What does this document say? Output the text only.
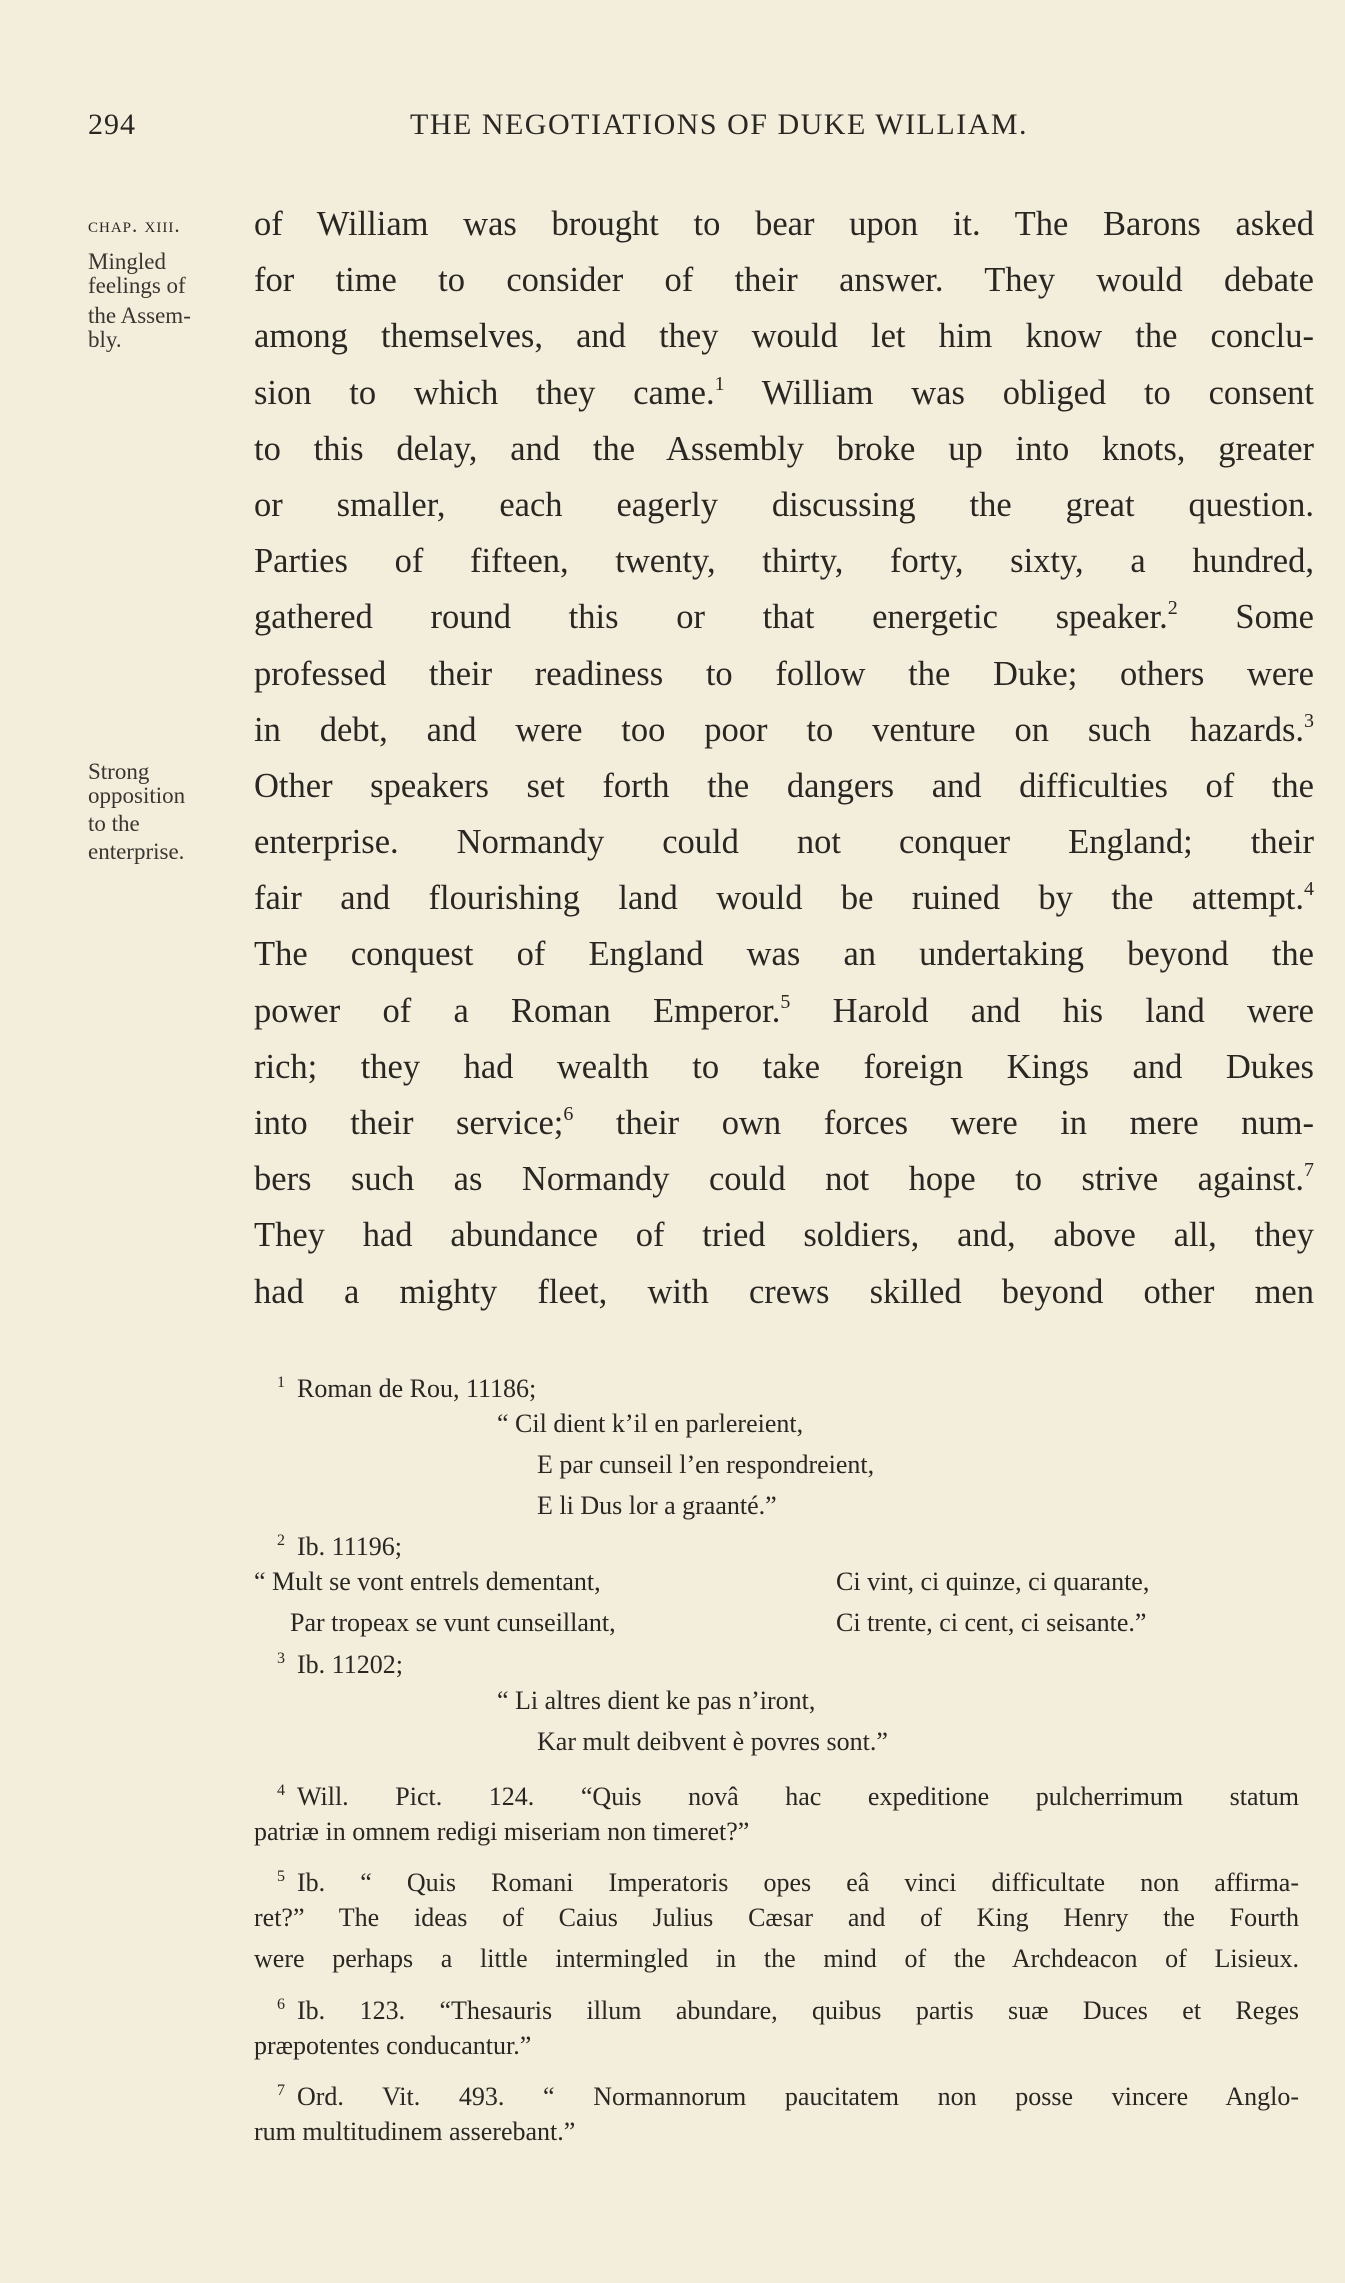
294	THE NEGOTIATIONS OF DUKE WILLIAM.
chap. xiii.
Mingled
feelings of
the Assem-
bly.
Strong
opposition
to the
enterprise.
of William was brought to bear upon it. The Barons asked
for time to consider of their answer. They would debate
among themselves, and they would let him know the conclu-
sion to which they came.$^1$ William was obliged to consent
to this delay, and the Assembly broke up into knots, greater
or smaller, each eagerly discussing the great question.
Parties of fifteen, twenty, thirty, forty, sixty, a hundred,
gathered round this or that energetic speaker.$^2$ Some
professed their readiness to follow the Duke; others were
in debt, and were too poor to venture on such hazards.$^3$
Other speakers set forth the dangers and difficulties of the
enterprise. Normandy could not conquer England; their
fair and flourishing land would be ruined by the attempt.$^4$
The conquest of England was an undertaking beyond the
power of a Roman Emperor.$^5$ Harold and his land were
rich; they had wealth to take foreign Kings and Dukes
into their service;$^6$ their own forces were in mere num-
bers such as Normandy could not hope to strive against.$^7$
They had abundance of tried soldiers, and, above all, they
had a mighty fleet, with crews skilled beyond other men
$^1$ Roman de Rou, 11186;
“ Cil dient k’il en parlereient,
E par cunseil l’en respondreient,
E li Dus lor a graanté.”
$^2$ Ib. 11196;
“ Mult se vont entrels dementant,
Par tropeax se vunt cunseillant,
Ci vint, ci quinze, ci quarante,
Ci trente, ci cent, ci seisante.”
$^3$ Ib. 11202;
“ Li altres dient ke pas n’iront,
Kar mult deibvent è povres sont.”
$^4$ Will. Pict. 124. “Quis novâ hac expeditione pulcherrimum statum
patriæ in omnem redigi miseriam non timeret?”
$^5$ Ib. “ Quis Romani Imperatoris opes eâ vinci difficultate non affirma-
ret?” The ideas of Caius Julius Cæsar and of King Henry the Fourth
were perhaps a little intermingled in the mind of the Archdeacon of Lisieux.
$^6$ Ib. 123. “Thesauris illum abundare, quibus partis suæ Duces et Reges
præpotentes conducantur.”
$^7$ Ord. Vit. 493. “ Normannorum paucitatem non posse vincere Anglo-
rum multitudinem asserebant.”
